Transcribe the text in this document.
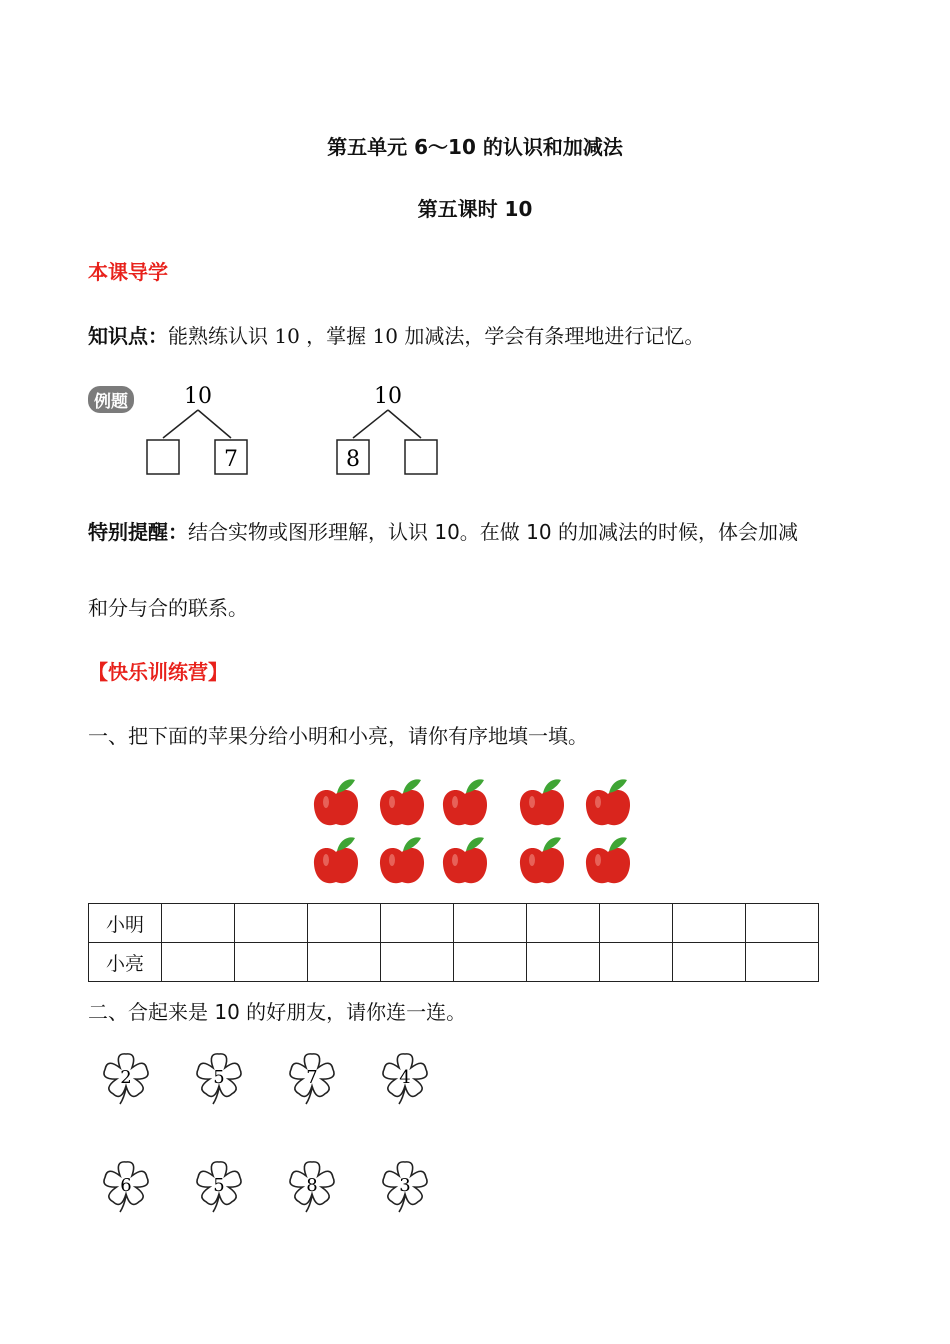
第五单元 6～10 的认识和加减法
第五课时 10
本课导学
知识点：能熟练认识 10 ，掌握 10 加减法，学会有条理地进行记忆。
例题	10
7
10
8
特别提醒：结合实物或图形理解，认识 10。在做 10 的加减法的时候，体会加减
和分与合的联系。
【快乐训练营】
一、把下面的苹果分给小明和小亮，请你有序地填一填。
小明									
小亮									
二、合起来是 10 的好朋友，请你连一连。
2	5	7	4
6	5	8	3
